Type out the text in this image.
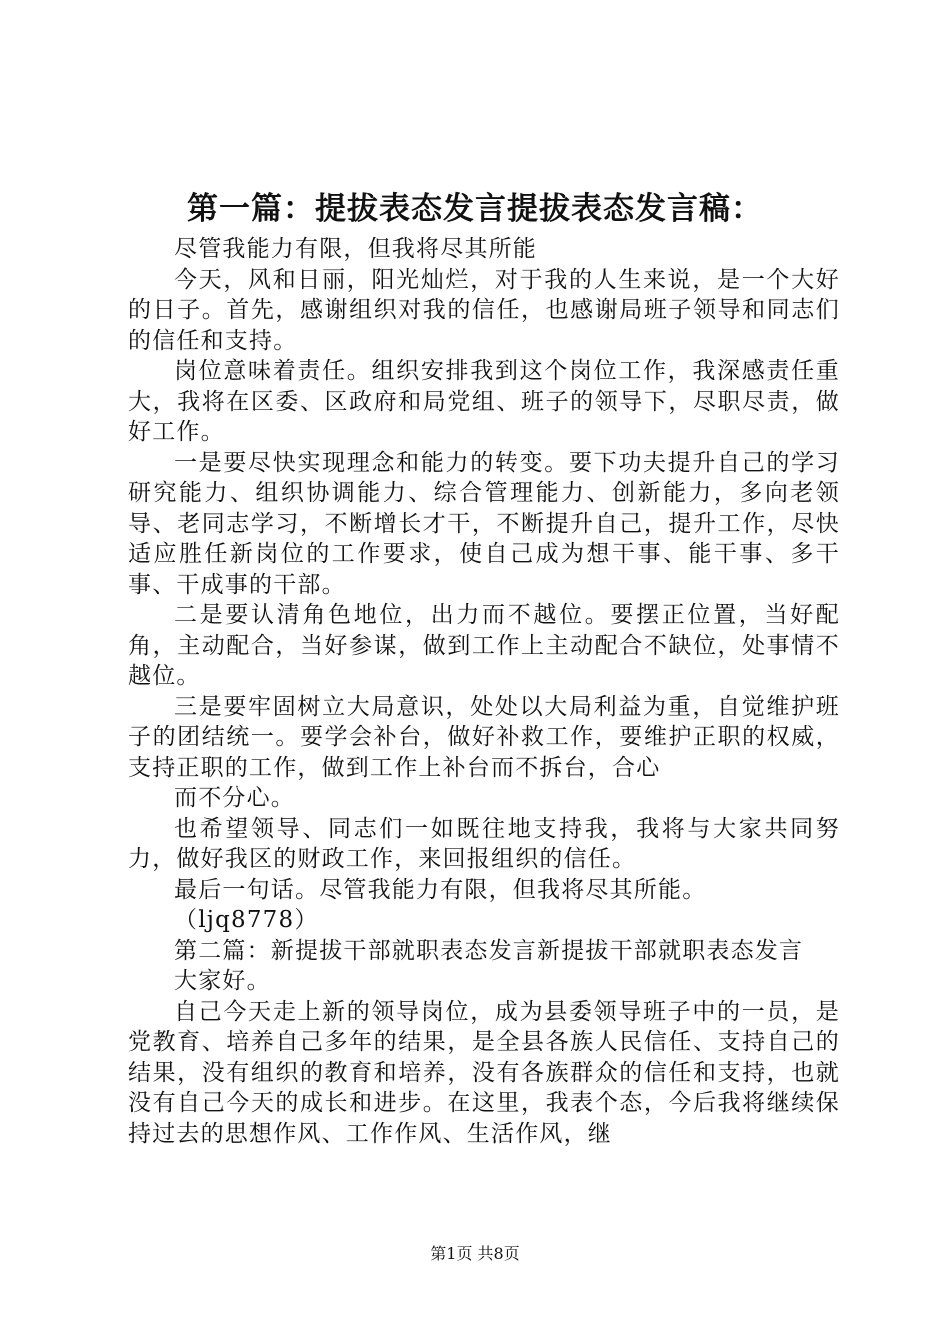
第一篇：提拔表态发言提拔表态发言稿：

尽管我能力有限，但我将尽其所能

今天，风和日丽，阳光灿烂，对于我的人生来说，是一个大好的日子。首先，感谢组织对我的信任，也感谢局班子领导和同志们的信任和支持。

岗位意味着责任。组织安排我到这个岗位工作，我深感责任重大，我将在区委、区政府和局党组、班子的领导下，尽职尽责，做好工作。

一是要尽快实现理念和能力的转变。要下功夫提升自己的学习研究能力、组织协调能力、综合管理能力、创新能力，多向老领导、老同志学习，不断增长才干，不断提升自己，提升工作，尽快适应胜任新岗位的工作要求，使自己成为想干事、能干事、多干事、干成事的干部。

二是要认清角色地位，出力而不越位。要摆正位置，当好配角，主动配合，当好参谋，做到工作上主动配合不缺位，处事情不越位。

三是要牢固树立大局意识，处处以大局利益为重，自觉维护班子的团结统一。要学会补台，做好补救工作，要维护正职的权威，支持正职的工作，做到工作上补台而不拆台，合心

而不分心。

也希望领导、同志们一如既往地支持我，我将与大家共同努力，做好我区的财政工作，来回报组织的信任。

最后一句话。尽管我能力有限，但我将尽其所能。

（ljq8778）

第二篇：新提拔干部就职表态发言新提拔干部就职表态发言

大家好。

自己今天走上新的领导岗位，成为县委领导班子中的一员，是党教育、培养自己多年的结果，是全县各族人民信任、支持自己的结果，没有组织的教育和培养，没有各族群众的信任和支持，也就没有自己今天的成长和进步。在这里，我表个态，今后我将继续保持过去的思想作风、工作作风、生活作风，继

第1页 共8页
